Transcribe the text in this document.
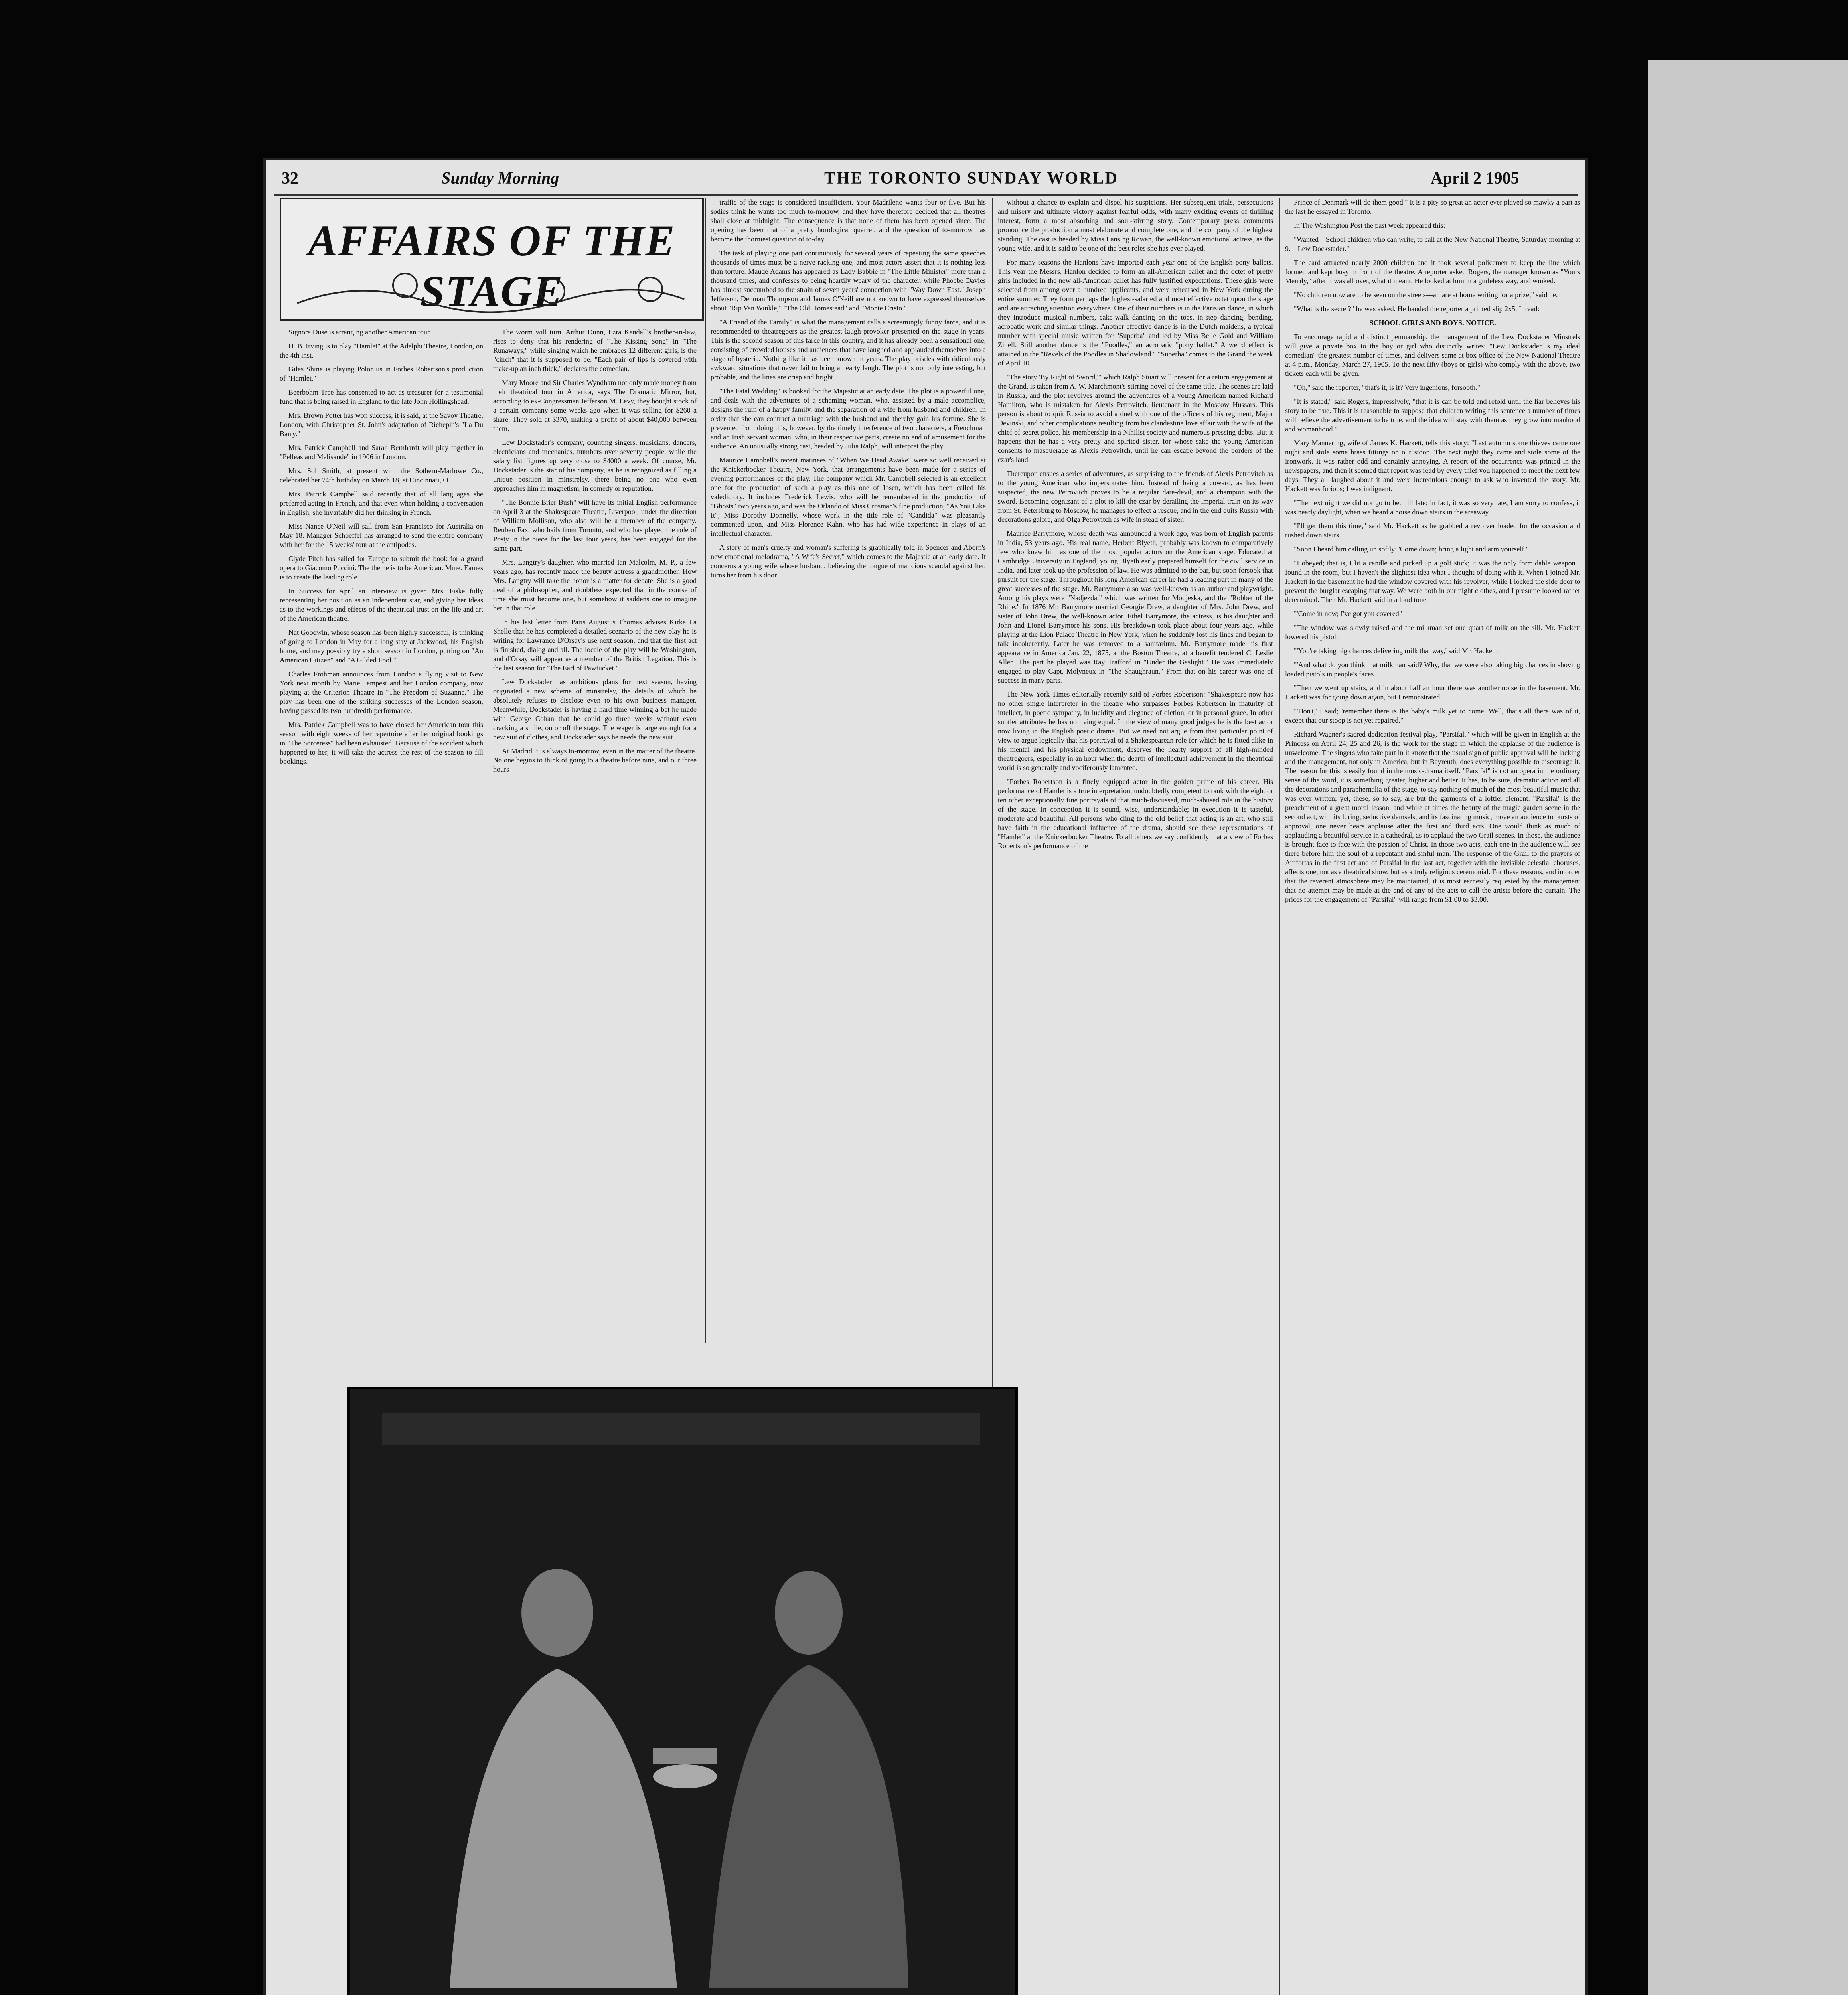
32	Sunday Morning	THE TORONTO SUNDAY WORLD	April 2 1905
AFFAIRS OF THE STAGE

Signora Duse is arranging another American tour.

H. B. Irving is to play "Hamlet" at the Adelphi Theatre, London, on the 4th inst.

Giles Shine is playing Polonius in Forbes Robertson's production of "Hamlet."

Beerbohm Tree has consented to act as treasurer for a testimonial fund that is being raised in England to the late John Hollingshead.

Mrs. Brown Potter has won success, it is said, at the Savoy Theatre, London, with Christopher St. John's adaptation of Richepin's "La Du Barry."

Mrs. Patrick Campbell and Sarah Bernhardt will play together in "Pelleas and Melisande" in 1906 in London.

Mrs. Sol Smith, at present with the Sothern-Marlowe Co., celebrated her 74th birthday on March 18, at Cincinnati, O.

Mrs. Patrick Campbell said recently that of all languages she preferred acting in French, and that even when holding a conversation in English, she invariably did her thinking in French.

Miss Nance O'Neil will sail from San Francisco for Australia on May 18. Manager Schoeffel has arranged to send the entire company with her for the 15 weeks' tour at the antipodes.

Clyde Fitch has sailed for Europe to submit the book for a grand opera to Giacomo Puccini. The theme is to be American. Mme. Eames is to create the leading role.

In Success for April an interview is given Mrs. Fiske fully representing her position as an independent star, and giving her ideas as to the workings and effects of the theatrical trust on the life and art of the American theatre.

Nat Goodwin, whose season has been highly successful, is thinking of going to London in May for a long stay at Jackwood, his English home, and may possibly try a short season in London, putting on "An American Citizen" and "A Gilded Fool."

Charles Frohman announces from London a flying visit to New York next month by Marie Tempest and her London company, now playing at the Criterion Theatre in "The Freedom of Suzanne." The play has been one of the striking successes of the London season, having passed its two hundredth performance.

Mrs. Patrick Campbell was to have closed her American tour this season with eight weeks of her repertoire after her original bookings in "The Sorceress" had been exhausted. Because of the accident which happened to her, it will take the actress the rest of the season to fill bookings.

The worm will turn. Arthur Dunn, Ezra Kendall's brother-in-law, rises to deny that his rendering of "The Kissing Song" in "The Runaways," while singing which he embraces 12 different girls, is the "cinch" that it is supposed to be. "Each pair of lips is covered with make-up an inch thick," declares the comedian.

Mary Moore and Sir Charles Wyndham not only made money from their theatrical tour in America, says The Dramatic Mirror, but, according to ex-Congressman Jefferson M. Levy, they bought stock of a certain company some weeks ago when it was selling for $260 a share. They sold at $370, making a profit of about $40,000 between them.

Lew Dockstader's company, counting singers, musicians, dancers, electricians and mechanics, numbers over seventy people, while the salary list figures up very close to $4000 a week. Of course, Mr. Dockstader is the star of his company, as he is recognized as filling a unique position in minstrelsy, there being no one who even approaches him in magnetism, in comedy or reputation.

"The Bonnie Brier Bush" will have its initial English performance on April 3 at the Shakespeare Theatre, Liverpool, under the direction of William Mollison, who also will be a member of the company. Reuben Fax, who hails from Toronto, and who has played the role of Posty in the piece for the last four years, has been engaged for the same part.

Mrs. Langtry's daughter, who married Ian Malcolm, M. P., a few years ago, has recently made the beauty actress a grandmother. How Mrs. Langtry will take the honor is a matter for debate. She is a good deal of a philosopher, and doubtless expected that in the course of time she must become one, but somehow it saddens one to imagine her in that role.

In his last letter from Paris Augustus Thomas advises Kirke La Shelle that he has completed a detailed scenario of the new play he is writing for Lawrance D'Orsay's use next season, and that the first act is finished, dialog and all. The locale of the play will be Washington, and d'Orsay will appear as a member of the British Legation. This is the last season for "The Earl of Pawtucket."

Lew Dockstader has ambitious plans for next season, having originated a new scheme of minstrelsy, the details of which he absolutely refuses to disclose even to his own business manager. Meanwhile, Dockstader is having a hard time winning a bet he made with George Cohan that he could go three weeks without even cracking a smile, on or off the stage. The wager is large enough for a new suit of clothes, and Dockstader says he needs the new suit.

At Madrid it is always to-morrow, even in the matter of the theatre. No one begins to think of going to a theatre before nine, and our three hours

traffic of the stage is considered insufficient. Your Madrileno wants four or five. But his sodies think he wants too much to-morrow, and they have therefore decided that all theatres shall close at midnight. The consequence is that none of them has been opened since. The opening has been that of a pretty horological quarrel, and the question of to-morrow has become the thorniest question of to-day.

The task of playing one part continuously for several years of repeating the same speeches thousands of times must be a nerve-racking one, and most actors assert that it is nothing less than torture. Maude Adams has appeared as Lady Babbie in "The Little Minister" more than a thousand times, and confesses to being heartily weary of the character, while Phoebe Davies has almost succumbed to the strain of seven years' connection with "Way Down East." Joseph Jefferson, Denman Thompson and James O'Neill are not known to have expressed themselves about "Rip Van Winkle," "The Old Homestead" and "Monte Cristo."

"A Friend of the Family" is what the management calls a screamingly funny farce, and it is recommended to theatregoers as the greatest laugh-provoker presented on the stage in years. This is the second season of this farce in this country, and it has already been a sensational one, consisting of crowded houses and audiences that have laughed and applauded themselves into a stage of hysteria. Nothing like it has been known in years. The play bristles with ridiculously awkward situations that never fail to bring a hearty laugh. The plot is not only interesting, but probable, and the lines are crisp and bright.

"The Fatal Wedding" is booked for the Majestic at an early date. The plot is a powerful one, and deals with the adventures of a scheming woman, who, assisted by a male accomplice, designs the ruin of a happy family, and the separation of a wife from husband and children. In order that she can contract a marriage with the husband and thereby gain his fortune. She is prevented from doing this, however, by the timely interference of two characters, a Frenchman and an Irish servant woman, who, in their respective parts, create no end of amusement for the audience. An unusually strong cast, headed by Julia Ralph, will interpret the play.

Maurice Campbell's recent matinees of "When We Dead Awake" were so well received at the Knickerbocker Theatre, New York, that arrangements have been made for a series of evening performances of the play. The company which Mr. Campbell selected is an excellent one for the production of such a play as this one of Ibsen, which has been called his valedictory. It includes Frederick Lewis, who will be remembered in the production of "Ghosts" two years ago, and was the Orlando of Miss Crosman's fine production, "As You Like It"; Miss Dorothy Donnelly, whose work in the title role of "Candida" was pleasantly commented upon, and Miss Florence Kahn, who has had wide experience in plays of an intellectual character.

A story of man's cruelty and woman's suffering is graphically told in Spencer and Aborn's new emotional melodrama, "A Wife's Secret," which comes to the Majestic at an early date. It concerns a young wife whose husband, believing the tongue of malicious scandal against her, turns her from his door

without a chance to explain and dispel his suspicions. Her subsequent trials, persecutions and misery and ultimate victory against fearful odds, with many exciting events of thrilling interest, form a most absorbing and soul-stirring story. Contemporary press comments pronounce the production a most elaborate and complete one, and the company of the highest standing. The cast is headed by Miss Lansing Rowan, the well-known emotional actress, as the young wife, and it is said to be one of the best roles she has ever played.

For many seasons the Hanlons have imported each year one of the English pony ballets. This year the Messrs. Hanlon decided to form an all-American ballet and the octet of pretty girls included in the new all-American ballet has fully justified expectations. These girls were selected from among over a hundred applicants, and were rehearsed in New York during the entire summer. They form perhaps the highest-salaried and most effective octet upon the stage and are attracting attention everywhere. One of their numbers is in the Parisian dance, in which they introduce musical numbers, cake-walk dancing on the toes, in-step dancing, bending, acrobatic work and similar things. Another effective dance is in the Dutch maidens, a typical number with special music written for "Superba" and led by Miss Belle Gold and William Zinell. Still another dance is the "Poodles," an acrobatic "pony ballet." A weird effect is attained in the "Revels of the Poodles in Shadowland." "Superba" comes to the Grand the week of April 10.

"The story 'By Right of Sword,'" which Ralph Stuart will present for a return engagement at the Grand, is taken from A. W. Marchmont's stirring novel of the same title. The scenes are laid in Russia, and the plot revolves around the adventures of a young American named Richard Hamilton, who is mistaken for Alexis Petrovitch, lieutenant in the Moscow Hussars. This person is about to quit Russia to avoid a duel with one of the officers of his regiment, Major Devinski, and other complications resulting from his clandestine love affair with the wife of the chief of secret police, his membership in a Nihilist society and numerous pressing debts. But it happens that he has a very pretty and spirited sister, for whose sake the young American consents to masquerade as Alexis Petrovitch, until he can escape beyond the borders of the czar's land.

Thereupon ensues a series of adventures, as surprising to the friends of Alexis Petrovitch as to the young American who impersonates him. Instead of being a coward, as has been suspected, the new Petrovitch proves to be a regular dare-devil, and a champion with the sword. Becoming cognizant of a plot to kill the czar by derailing the imperial train on its way from St. Petersburg to Moscow, he manages to effect a rescue, and in the end quits Russia with decorations galore, and Olga Petrovitch as wife in stead of sister.

Maurice Barrymore, whose death was announced a week ago, was born of English parents in India, 53 years ago. His real name, Herbert Blyeth, probably was known to comparatively few who knew him as one of the most popular actors on the American stage. Educated at Cambridge University in England, young Blyeth early prepared himself for the civil service in India, and later took up the profession of law. He was admitted to the bar, but soon forsook that pursuit for the stage. Throughout his long American career he had a leading part in many of the great successes of the stage. Mr. Barrymore also was well-known as an author and playwright. Among his plays were "Nadjezda," which was written for Modjeska, and the "Robber of the Rhine." In 1876 Mr. Barrymore married Georgie Drew, a daughter of Mrs. John Drew, and sister of John Drew, the well-known actor. Ethel Barrymore, the actress, is his daughter and John and Lionel Barrymore his sons. His breakdown took place about four years ago, while playing at the Lion Palace Theatre in New York, when he suddenly lost his lines and began to talk incoherently. Later he was removed to a sanitarium. Mr. Barrymore made his first appearance in America Jan. 22, 1875, at the Boston Theatre, at a benefit tendered C. Leslie Allen. The part he played was Ray Trafford in "Under the Gaslight." He was immediately engaged to play Capt. Molyneux in "The Shaughraun." From that on his career was one of success in many parts.

The New York Times editorially recently said of Forbes Robertson: "Shakespeare now has no other single interpreter in the theatre who surpasses Forbes Robertson in maturity of intellect, in poetic sympathy, in lucidity and elegance of diction, or in personal grace. In other subtler attributes he has no living equal. In the view of many good judges he is the best actor now living in the English poetic drama. But we need not argue from that particular point of view to argue logically that his portrayal of a Shakespearean role for which he is fitted alike in his mental and his physical endowment, deserves the hearty support of all high-minded theatregoers, especially in an hour when the dearth of intellectual achievement in the theatrical world is so generally and vociferously lamented.

"Forbes Robertson is a finely equipped actor in the golden prime of his career. His performance of Hamlet is a true interpretation, undoubtedly competent to rank with the eight or ten other exceptionally fine portrayals of that much-discussed, much-abused role in the history of the stage. In conception it is sound, wise, understandable; in execution it is tasteful, moderate and beautiful. All persons who cling to the old belief that acting is an art, who still have faith in the educational influence of the drama, should see these representations of "Hamlet" at the Knickerbocker Theatre. To all others we say confidently that a view of Forbes Robertson's performance of the

Prince of Denmark will do them good." It is a pity so great an actor ever played so mawky a part as the last he essayed in Toronto.

In The Washington Post the past week appeared this:

"Wanted—School children who can write, to call at the New National Theatre, Saturday morning at 9.—Lew Dockstader."

The card attracted nearly 2000 children and it took several policemen to keep the line which formed and kept busy in front of the theatre. A reporter asked Rogers, the manager known as "Yours Merrily," after it was all over, what it meant. He looked at him in a guileless way, and winked.

"No children now are to be seen on the streets—all are at home writing for a prize," said he.

"What is the secret?" he was asked. He handed the reporter a printed slip 2x5. It read:

SCHOOL GIRLS AND BOYS. NOTICE.

To encourage rapid and distinct penmanship, the management of the Lew Dockstader Minstrels will give a private box to the boy or girl who distinctly writes: "Lew Dockstader is my ideal comedian" the greatest number of times, and delivers same at box office of the New National Theatre at 4 p.m., Monday, March 27, 1905. To the next fifty (boys or girls) who comply with the above, two tickets each will be given.

"Oh," said the reporter, "that's it, is it? Very ingenious, forsooth."

"It is stated," said Rogers, impressively, "that it is can be told and retold until the liar believes his story to be true. This it is reasonable to suppose that children writing this sentence a number of times will believe the advertisement to be true, and the idea will stay with them as they grow into manhood and womanhood."

Mary Mannering, wife of James K. Hackett, tells this story: "Last autumn some thieves came one night and stole some brass fittings on our stoop. The next night they came and stole some of the ironwork. It was rather odd and certainly annoying. A report of the occurrence was printed in the newspapers, and then it seemed that report was read by every thief you happened to meet the next few days. They all laughed about it and were incredulous enough to ask who invented the story. Mr. Hackett was furious; I was indignant.

"The next night we did not go to bed till late; in fact, it was so very late, I am sorry to confess, it was nearly daylight, when we heard a noise down stairs in the areaway.

"I'll get them this time," said Mr. Hackett as he grabbed a revolver loaded for the occasion and rushed down stairs.

"Soon I heard him calling up softly: 'Come down; bring a light and arm yourself.'

"I obeyed; that is, I lit a candle and picked up a golf stick; it was the only formidable weapon I found in the room, but I haven't the slightest idea what I thought of doing with it. When I joined Mr. Hackett in the basement he had the window covered with his revolver, while I locked the side door to prevent the burglar escaping that way. We were both in our night clothes, and I presume looked rather determined. Then Mr. Hackett said in a loud tone:

"'Come in now; I've got you covered.'

"The window was slowly raised and the milkman set one quart of milk on the sill. Mr. Hackett lowered his pistol.

"'You're taking big chances delivering milk that way,' said Mr. Hackett.

"'And what do you think that milkman said? Why, that we were also taking big chances in shoving loaded pistols in people's faces.

"Then we went up stairs, and in about half an hour there was another noise in the basement. Mr. Hackett was for going down again, but I remonstrated.

"'Don't,' I said; 'remember there is the baby's milk yet to come. Well, that's all there was of it, except that our stoop is not yet repaired."

Richard Wagner's sacred dedication festival play, "Parsifal," which will be given in English at the Princess on April 24, 25 and 26, is the work for the stage in which the applause of the audience is unwelcome. The singers who take part in it know that the usual sign of public approval will be lacking and the management, not only in America, but in Bayreuth, does everything possible to discourage it. The reason for this is easily found in the music-drama itself. "Parsifal" is not an opera in the ordinary sense of the word, it is something greater, higher and better. It has, to be sure, dramatic action and all the decorations and paraphernalia of the stage, to say nothing of much of the most beautiful music that was ever written; yet, these, so to say, are but the garments of a loftier element. "Parsifal" is the preachment of a great moral lesson, and while at times the beauty of the magic garden scene in the second act, with its luring, seductive damsels, and its fascinating music, move an audience to bursts of approval, one never hears applause after the first and third acts. One would think as much of applauding a beautiful service in a cathedral, as to applaud the two Grail scenes. In those, the audience is brought face to face with the passion of Christ. In those two acts, each one in the audience will see there before him the soul of a repentant and sinful man. The response of the Grail to the prayers of Amfortas in the first act and of Parsifal in the last act, together with the invisible celestial choruses, affects one, not as a theatrical show, but as a truly religious ceremonial. For these reasons, and in order that the reverent atmosphere may be maintained, it is most earnestly requested by the management that no attempt may be made at the end of any of the acts to call the artists before the curtain. The prices for the engagement of "Parsifal" will range from $1.00 to $3.00.
